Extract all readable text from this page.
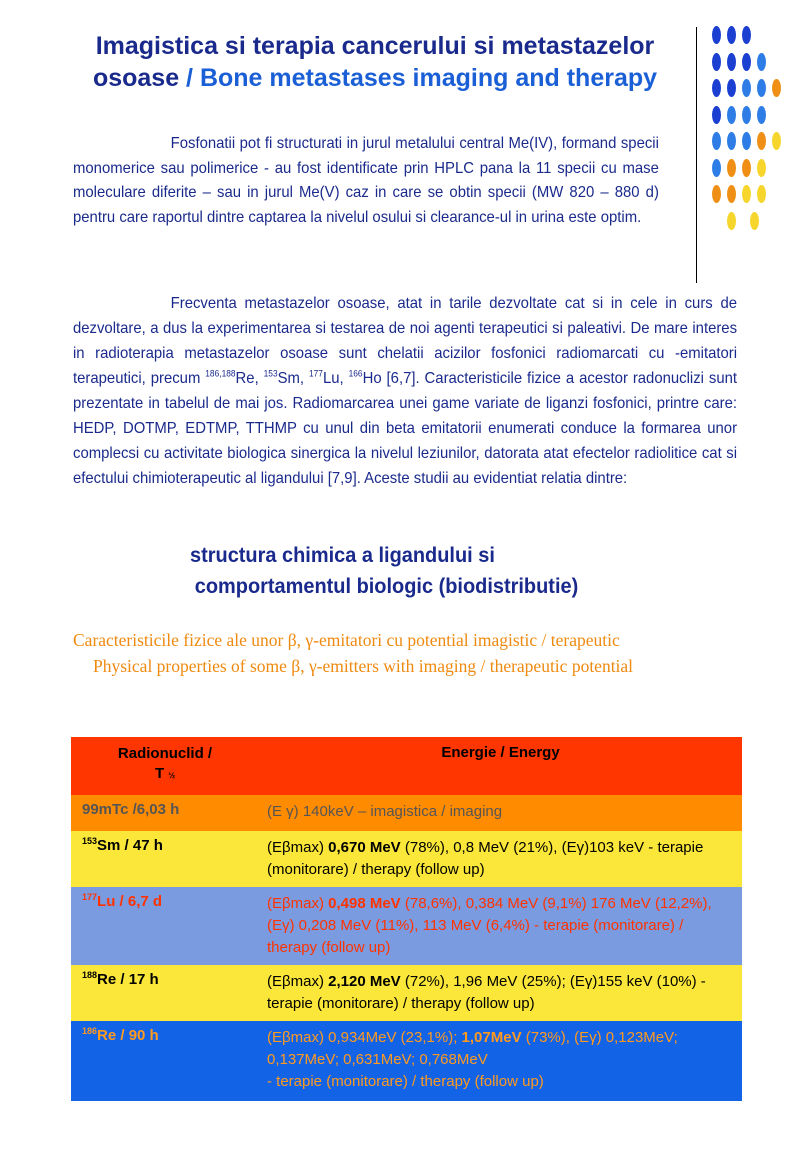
Imagistica si terapia cancerului si metastazelor
osoase / Bone metastases imaging and therapy
Fosfonatii pot fi structurati in jurul metalului central Me(IV), formand specii monomerice sau polimerice - au fost identificate prin HPLC pana la 11 specii cu mase moleculare diferite – sau in jurul Me(V) caz in care se obtin specii (MW 820 – 880 d) pentru care raportul dintre captarea la nivelul osului si clearance-ul in urina este optim.
Frecventa metastazelor osoase, atat in tarile dezvoltate cat si in cele in curs de dezvoltare, a dus la experimentarea si testarea de noi agenti terapeutici si paleativi. De mare interes in radioterapia metastazelor osoase sunt chelatii acizilor fosfonici radiomarcati cu -emitatori terapeutici, precum $^{186,188}$Re, $^{153}$Sm, $^{177}$Lu, $^{166}$Ho [6,7]. Caracteristicile fizice a acestor radonuclizi sunt prezentate in tabelul de mai jos. Radiomarcarea unei game variate de liganzi fosfonici, printre care: HEDP, DOTMP, EDTMP, TTHMP cu unul din beta emitatorii enumerati conduce la formarea unor complecsi cu activitate biologica sinergica la nivelul leziunilor, datorata atat efectelor radiolitice cat si efectului chimioterapeutic al ligandului [7,9]. Aceste studii au evidentiat relatia dintre:
structura chimica a ligandului si
comportamentul biologic (biodistributie)
Caracteristicile fizice ale unor β, γ-emitatori cu potential imagistic / terapeutic
Physical properties of some β, γ-emitters with imaging / therapeutic potential
Radionuclid /
T ½	Energie / Energy
99mTc /6,03 h	(E γ) 140keV – imagistica / imaging
$^{153}$Sm / 47 h	(Eβmax) 0,670 MeV (78%), 0,8 MeV (21%), (Eγ)103 keV - terapie (monitorare) / therapy (follow up)
$^{177}$Lu / 6,7 d	(Eβmax) 0,498 MeV (78,6%), 0,384 MeV (9,1%) 176 MeV (12,2%), (Eγ) 0,208 MeV (11%), 113 MeV (6,4%) - terapie (monitorare) / therapy (follow up)
$^{188}$Re / 17 h	(Eβmax) 2,120 MeV (72%), 1,96 MeV (25%); (Eγ)155 keV (10%) - terapie (monitorare) / therapy (follow up)
$^{186}$Re / 90 h	(Eβmax) 0,934MeV (23,1%); 1,07MeV (73%), (Eγ) 0,123MeV; 0,137MeV; 0,631MeV; 0,768MeV
- terapie (monitorare) / therapy (follow up)
